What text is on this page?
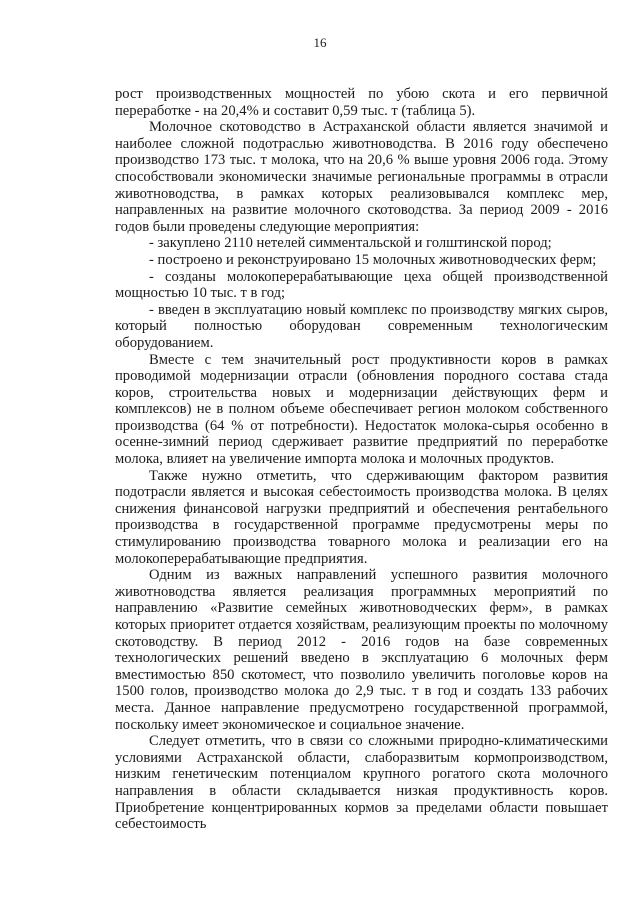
16

рост производственных мощностей по убою скота и его первичной переработке - на 20,4% и составит 0,59 тыс. т (таблица 5).

Молочное скотоводство в Астраханской области является значимой и наиболее сложной подотраслью животноводства. В 2016 году обеспечено производство 173 тыс. т молока, что на 20,6 % выше уровня 2006 года. Этому способствовали экономически значимые региональные программы в отрасли животноводства, в рамках которых реализовывался комплекс мер, направленных на развитие молочного скотоводства. За период 2009 - 2016 годов были проведены следующие мероприятия:

- закуплено 2110 нетелей симментальской и голштинской пород;

- построено и реконструировано 15 молочных животноводческих ферм;

- созданы молокоперерабатывающие цеха общей производственной мощностью 10 тыс. т в год;

- введен в эксплуатацию новый комплекс по производству мягких сыров, который полностью оборудован современным технологическим оборудованием.

Вместе с тем значительный рост продуктивности коров в рамках проводимой модернизации отрасли (обновления породного состава стада коров, строительства новых и модернизации действующих ферм и комплексов) не в полном объеме обеспечивает регион молоком собственного производства (64 % от потребности). Недостаток молока-сырья особенно в осенне-зимний период сдерживает развитие предприятий по переработке молока, влияет на увеличение импорта молока и молочных продуктов.

Также нужно отметить, что сдерживающим фактором развития подотрасли является и высокая себестоимость производства молока. В целях снижения финансовой нагрузки предприятий и обеспечения рентабельного производства в государственной программе предусмотрены меры по стимулированию производства товарного молока и реализации его на молокоперерабатывающие предприятия.

Одним из важных направлений успешного развития молочного животноводства является реализация программных мероприятий по направлению «Развитие семейных животноводческих ферм», в рамках которых приоритет отдается хозяйствам, реализующим проекты по молочному скотоводству. В период 2012 - 2016 годов на базе современных технологических решений введено в эксплуатацию 6 молочных ферм вместимостью 850 скотомест, что позволило увеличить поголовье коров на 1500 голов, производство молока до 2,9 тыс. т в год и создать 133 рабочих места. Данное направление предусмотрено государственной программой, поскольку имеет экономическое и социальное значение.

Следует отметить, что в связи со сложными природно-климатическими условиями Астраханской области, слаборазвитым кормопроизводством, низким генетическим потенциалом крупного рогатого скота молочного направления в области складывается низкая продуктивность коров. Приобретение концентрированных кормов за пределами области повышает себестоимость
